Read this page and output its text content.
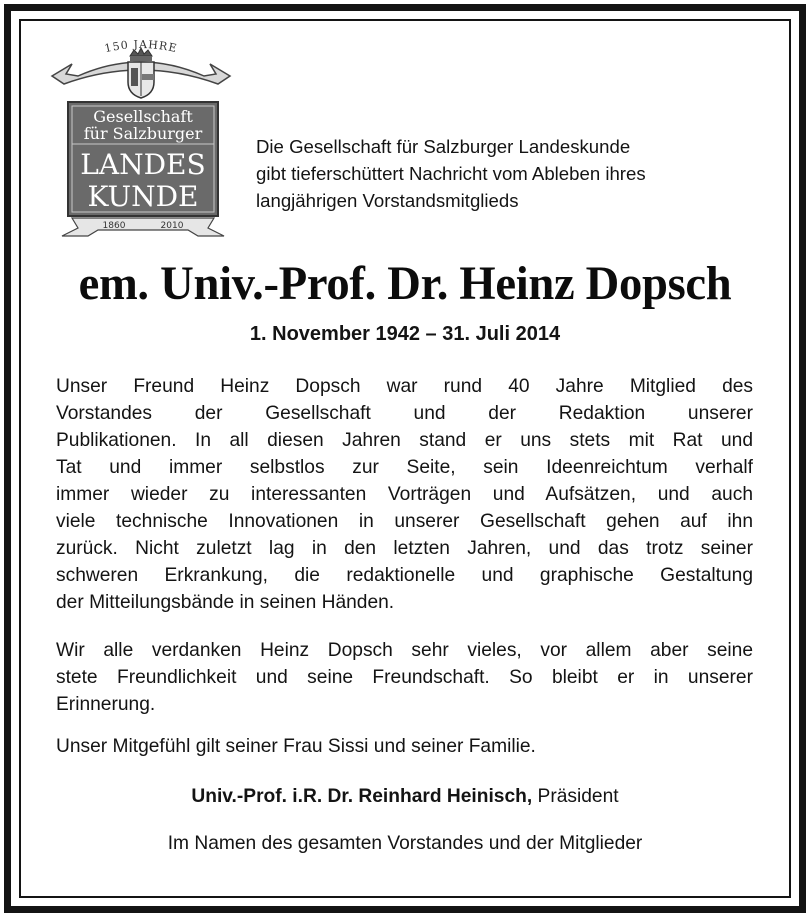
150 JAHRE
Gesellschaft
für Salzburger
LANDES
KUNDE
1860	2010
Die Gesellschaft für Salzburger Landeskunde
gibt tieferschüttert Nachricht vom Ableben ihres
langjährigen Vorstandsmitglieds
em. Univ.-Prof. Dr. Heinz Dopsch
1. November 1942 – 31. Juli 2014
Unser Freund Heinz Dopsch war rund 40 Jahre Mitglied des
Vorstandes der Gesellschaft und der Redaktion unserer
Publikationen. In all diesen Jahren stand er uns stets mit Rat und
Tat und immer selbstlos zur Seite, sein Ideenreichtum verhalf
immer wieder zu interessanten Vorträgen und Aufsätzen, und auch
viele technische Innovationen in unserer Gesellschaft gehen auf ihn
zurück. Nicht zuletzt lag in den letzten Jahren, und das trotz seiner
schweren Erkrankung, die redaktionelle und graphische Gestaltung
der Mitteilungsbände in seinen Händen.
Wir alle verdanken Heinz Dopsch sehr vieles, vor allem aber seine
stete Freundlichkeit und seine Freundschaft. So bleibt er in unserer
Erinnerung.
Unser Mitgefühl gilt seiner Frau Sissi und seiner Familie.
Univ.-Prof. i.R. Dr. Reinhard Heinisch, Präsident
Im Namen des gesamten Vorstandes und der Mitglieder
